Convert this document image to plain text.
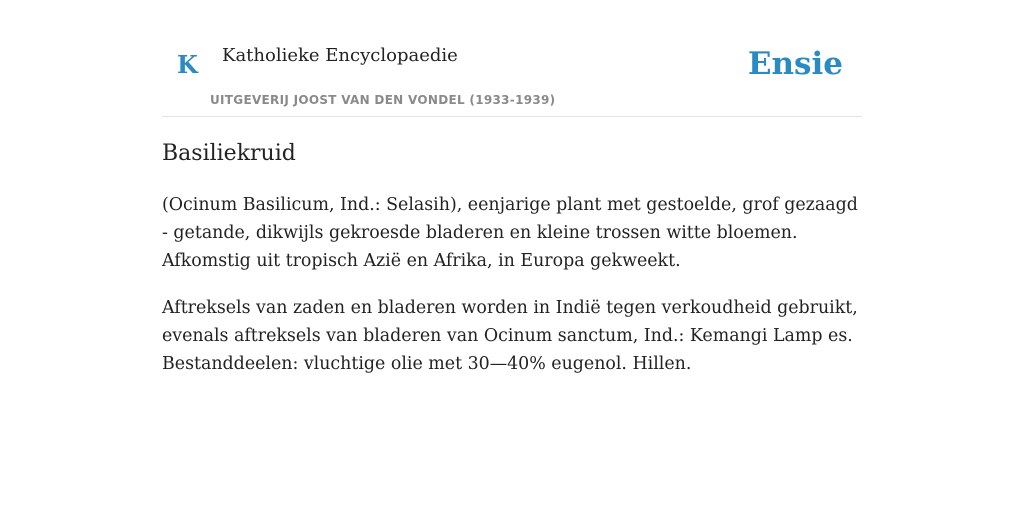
K Katholieke Encyclopaedie
UITGEVERIJ JOOST VAN DEN VONDEL (1933-1939)
Ensie
Basiliekruid

(Ocinum Basilicum, Ind.: Selasih), eenjarige plant met gestoelde, grof gezaagd - getande, dikwijls gekroesde bladeren en kleine trossen witte bloemen. Afkomstig uit tropisch Azië en Afrika, in Europa gekweekt.

Aftreksels van zaden en bladeren worden in Indië tegen verkoudheid gebruikt, evenals aftreksels van bladeren van Ocinum sanctum, Ind.: Kemangi Lamp es. Bestanddeelen: vluchtige olie met 30—40% eugenol. Hillen.
